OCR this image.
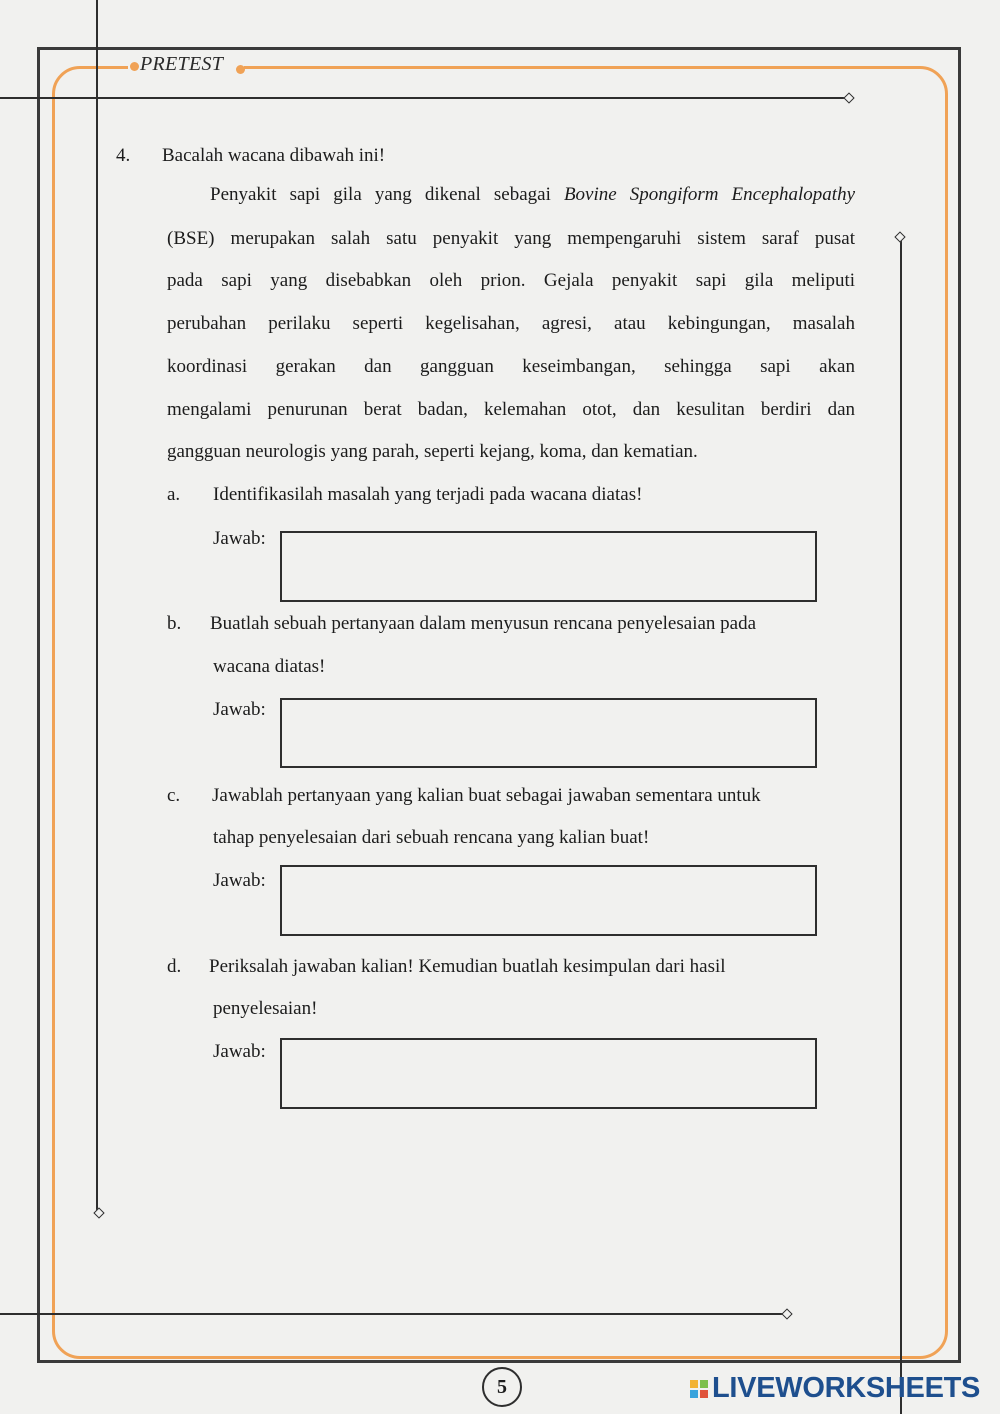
PRETEST
4. Bacalah wacana dibawah ini!
Penyakit sapi gila yang dikenal sebagai Bovine Spongiform Encephalopathy
(BSE) merupakan salah satu penyakit yang mempengaruhi sistem saraf pusat
pada sapi yang disebabkan oleh prion. Gejala penyakit sapi gila meliputi
perubahan perilaku seperti kegelisahan, agresi, atau kebingungan, masalah
koordinasi gerakan dan gangguan keseimbangan, sehingga sapi akan
mengalami penurunan berat badan, kelemahan otot, dan kesulitan berdiri dan
gangguan neurologis yang parah, seperti kejang, koma, dan kematian.
a. Identifikasilah masalah yang terjadi pada wacana diatas!
Jawab:
b. Buatlah sebuah pertanyaan dalam menyusun rencana penyelesaian pada
wacana diatas!
Jawab:
c. Jawablah pertanyaan yang kalian buat sebagai jawaban sementara untuk
tahap penyelesaian dari sebuah rencana yang kalian buat!
Jawab:
d. Periksalah jawaban kalian! Kemudian buatlah kesimpulan dari hasil
penyelesaian!
Jawab:
5	LIVEWORKSHEETS
